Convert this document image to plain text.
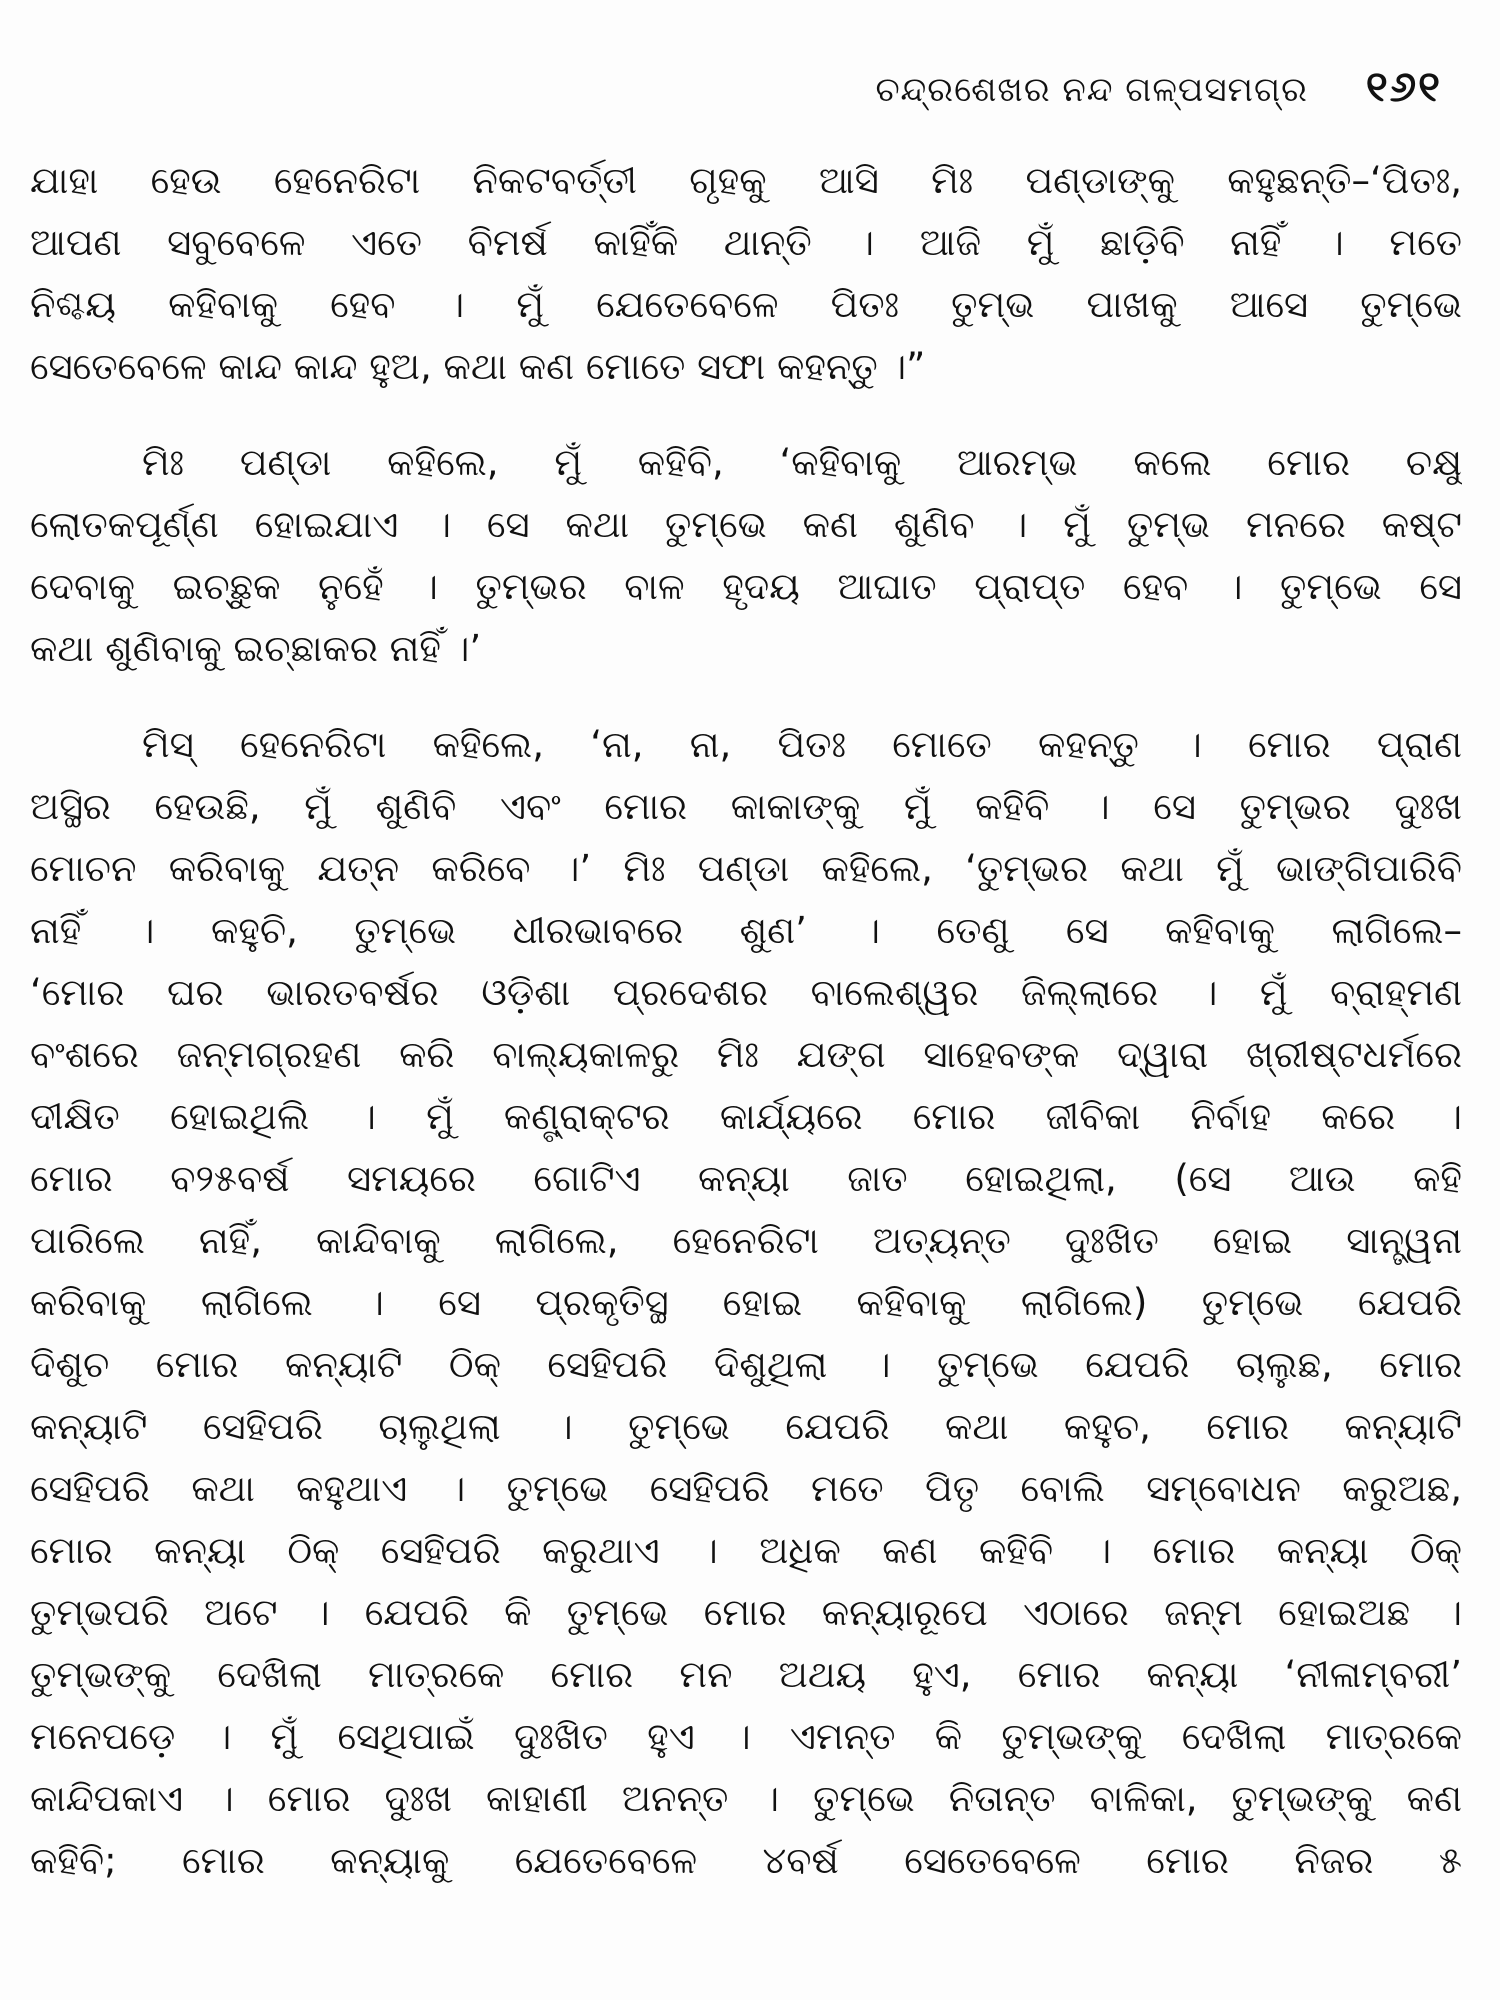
ଚନ୍ଦ୍ରଶେଖର ନନ୍ଦ ଗଳ୍ପସମଗ୍ର ୧୬୧
ଯାହା ହେଉ ହେନେରିଟା ନିକଟବର୍ତ୍ତୀ ଗୃହକୁ ଆସି ମିଃ ପଣ୍ଡାଙ୍କୁ କହୁଛନ୍ତି–‘ପିତଃ,
ଆପଣ ସବୁବେଳେ ଏତେ ବିମର୍ଷ କାହିଁକି ଥାନ୍ତି । ଆଜି ମୁଁ ଛାଡ଼ିବି ନାହିଁ । ମତେ
ନିଶ୍ଚୟ କହିବାକୁ ହେବ । ମୁଁ ଯେତେବେଳେ ପିତଃ ତୁମ୍ଭ ପାଖକୁ ଆସେ ତୁମ୍ଭେ
ସେତେବେଳେ କାନ୍ଦ କାନ୍ଦ ହୁଅ, କଥା କଣ ମୋତେ ସଫା କହନ୍ତୁ ।”
ମିଃ ପଣ୍ଡା କହିଲେ, ମୁଁ କହିବି, ‘କହିବାକୁ ଆରମ୍ଭ କଲେ ମୋର ଚକ୍ଷୁ
ଲୋତକପୂର୍ଣ୍ଣ ହୋଇଯାଏ । ସେ କଥା ତୁମ୍ଭେ କଣ ଶୁଣିବ । ମୁଁ ତୁମ୍ଭ ମନରେ କଷ୍ଟ
ଦେବାକୁ ଇଚ୍ଛୁକ ନୁହେଁ । ତୁମ୍ଭର ବାଳ ହୃଦୟ ଆଘାତ ପ୍ରାପ୍ତ ହେବ । ତୁମ୍ଭେ ସେ
କଥା ଶୁଣିବାକୁ ଇଚ୍ଛାକର ନାହିଁ ।’
ମିସ୍ ହେନେରିଟା କହିଲେ, ‘ନା, ନା, ପିତଃ ମୋତେ କହନ୍ତୁ । ମୋର ପ୍ରାଣ
ଅସ୍ଥିର ହେଉଛି, ମୁଁ ଶୁଣିବି ଏବଂ ମୋର କାକାଙ୍କୁ ମୁଁ କହିବି । ସେ ତୁମ୍ଭର ଦୁଃଖ
ମୋଚନ କରିବାକୁ ଯତ୍ନ କରିବେ ।’ ମିଃ ପଣ୍ଡା କହିଲେ, ‘ତୁମ୍ଭର କଥା ମୁଁ ଭାଙ୍ଗିପାରିବି
ନାହିଁ । କହୁଚି, ତୁମ୍ଭେ ଧୀରଭାବରେ ଶୁଣ’ । ତେଣୁ ସେ କହିବାକୁ ଲାଗିଲେ–
‘ମୋର ଘର ଭାରତବର୍ଷର ଓଡ଼ିଶା ପ୍ରଦେଶର ବାଲେଶ୍ୱର ଜିଲ୍ଲାରେ । ମୁଁ ବ୍ରାହ୍ମଣ
ବଂଶରେ ଜନ୍ମଗ୍ରହଣ କରି ବାଲ୍ୟକାଳରୁ ମିଃ ଯଙ୍ଗ ସାହେବଙ୍କ ଦ୍ୱାରା ଖ୍ରୀଷ୍ଟଧର୍ମରେ
ଦୀକ୍ଷିତ ହୋଇଥିଲି । ମୁଁ କଣ୍ଟ୍ରାକ୍ଟର କାର୍ଯ୍ୟରେ ମୋର ଜୀବିକା ନିର୍ବାହ କରେ ।
ମୋର ବ୨୫ବର୍ଷ ସମୟରେ ଗୋଟିଏ କନ୍ୟା ଜାତ ହୋଇଥିଲା, (ସେ ଆଉ କହି
ପାରିଲେ ନାହିଁ, କାନ୍ଦିବାକୁ ଲାଗିଲେ, ହେନେରିଟା ଅତ୍ୟନ୍ତ ଦୁଃଖିତ ହୋଇ ସାନ୍ତ୍ୱନା
କରିବାକୁ ଲାଗିଲେ । ସେ ପ୍ରକୃତିସ୍ଥ ହୋଇ କହିବାକୁ ଲାଗିଲେ) ତୁମ୍ଭେ ଯେପରି
ଦିଶୁଚ ମୋର କନ୍ୟାଟି ଠିକ୍ ସେହିପରି ଦିଶୁଥିଲା । ତୁମ୍ଭେ ଯେପରି ଚାଲୁଛ, ମୋର
କନ୍ୟାଟି ସେହିପରି ଚାଲୁଥିଲା । ତୁମ୍ଭେ ଯେପରି କଥା କହୁଚ, ମୋର କନ୍ୟାଟି
ସେହିପରି କଥା କହୁଥାଏ । ତୁମ୍ଭେ ସେହିପରି ମତେ ପିତୃ ବୋଲି ସମ୍ବୋଧନ କରୁଅଛ,
ମୋର କନ୍ୟା ଠିକ୍ ସେହିପରି କରୁଥାଏ । ଅଧିକ କଣ କହିବି । ମୋର କନ୍ୟା ଠିକ୍
ତୁମ୍ଭପରି ଅଟେ । ଯେପରି କି ତୁମ୍ଭେ ମୋର କନ୍ୟାରୂପେ ଏଠାରେ ଜନ୍ମ ହୋଇଅଛ ।
ତୁମ୍ଭଙ୍କୁ ଦେଖିଲା ମାତ୍ରକେ ମୋର ମନ ଅଥୟ ହୁଏ, ମୋର କନ୍ୟା ‘ନୀଳାମ୍ବରୀ’
ମନେପଡ଼େ । ମୁଁ ସେଥିପାଇଁ ଦୁଃଖିତ ହୁଏ । ଏମନ୍ତ କି ତୁମ୍ଭଙ୍କୁ ଦେଖିଲା ମାତ୍ରକେ
କାନ୍ଦିପକାଏ । ମୋର ଦୁଃଖ କାହାଣୀ ଅନନ୍ତ । ତୁମ୍ଭେ ନିତାନ୍ତ ବାଳିକା, ତୁମ୍ଭଙ୍କୁ କଣ
କହିବି; ମୋର କନ୍ୟାକୁ ଯେତେବେଳେ ୪ବର୍ଷ ସେତେବେଳେ ମୋର ନିଜର ୫
